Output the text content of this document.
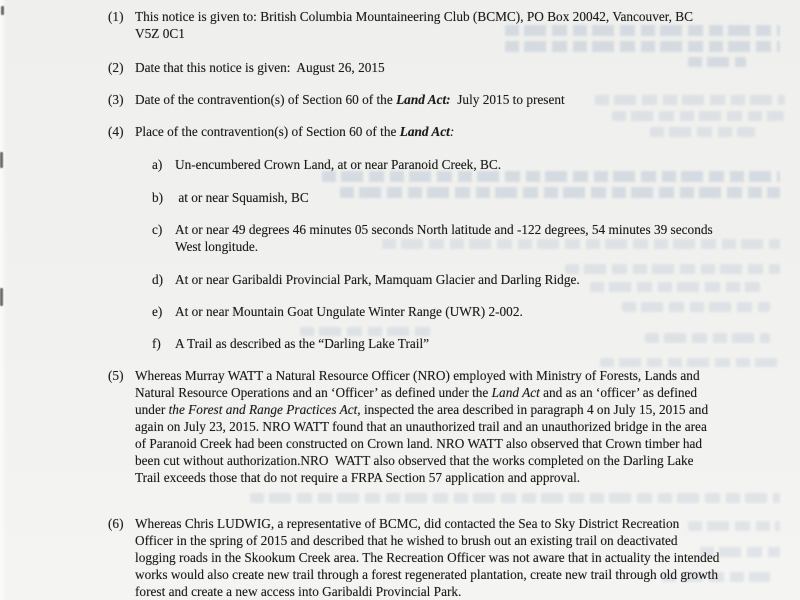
(1) This notice is given to: British Columbia Mountaineering Club (BCMC), PO Box 20042, Vancouver, BC V5Z 0C1
(2) Date that this notice is given:  August 26, 2015
(3) Date of the contravention(s) of Section 60 of the Land Act:  July 2015 to present
(4) Place of the contravention(s) of Section 60 of the Land Act:
a) Un-encumbered Crown Land, at or near Paranoid Creek, BC.
b) at or near Squamish, BC
c) At or near 49 degrees 46 minutes 05 seconds North latitude and -122 degrees, 54 minutes 39 seconds West longitude.
d) At or near Garibaldi Provincial Park, Mamquam Glacier and Darling Ridge.
e) At or near Mountain Goat Ungulate Winter Range (UWR) 2-002.
f)	A Trail as described as the “Darling Lake Trail”
(5) Whereas Murray WATT a Natural Resource Officer (NRO) employed with Ministry of Forests, Lands and Natural Resource Operations and an ‘Officer’ as defined under the Land Act and as an ‘officer’ as defined under the Forest and Range Practices Act, inspected the area described in paragraph 4 on July 15, 2015 and again on July 23, 2015. NRO WATT found that an unauthorized trail and an unauthorized bridge in the area of Paranoid Creek had been constructed on Crown land. NRO WATT also observed that Crown timber had been cut without authorization.NRO  WATT also observed that the works completed on the Darling Lake Trail exceeds those that do not require a FRPA Section 57 application and approval.
(6) Whereas Chris LUDWIG, a representative of BCMC, did contacted the Sea to Sky District Recreation Officer in the spring of 2015 and described that he wished to brush out an existing trail on deactivated logging roads in the Skookum Creek area. The Recreation Officer was not aware that in actuality the intended works would also create new trail through a forest regenerated plantation, create new trail through old growth forest and create a new access into Garibaldi Provincial Park.
